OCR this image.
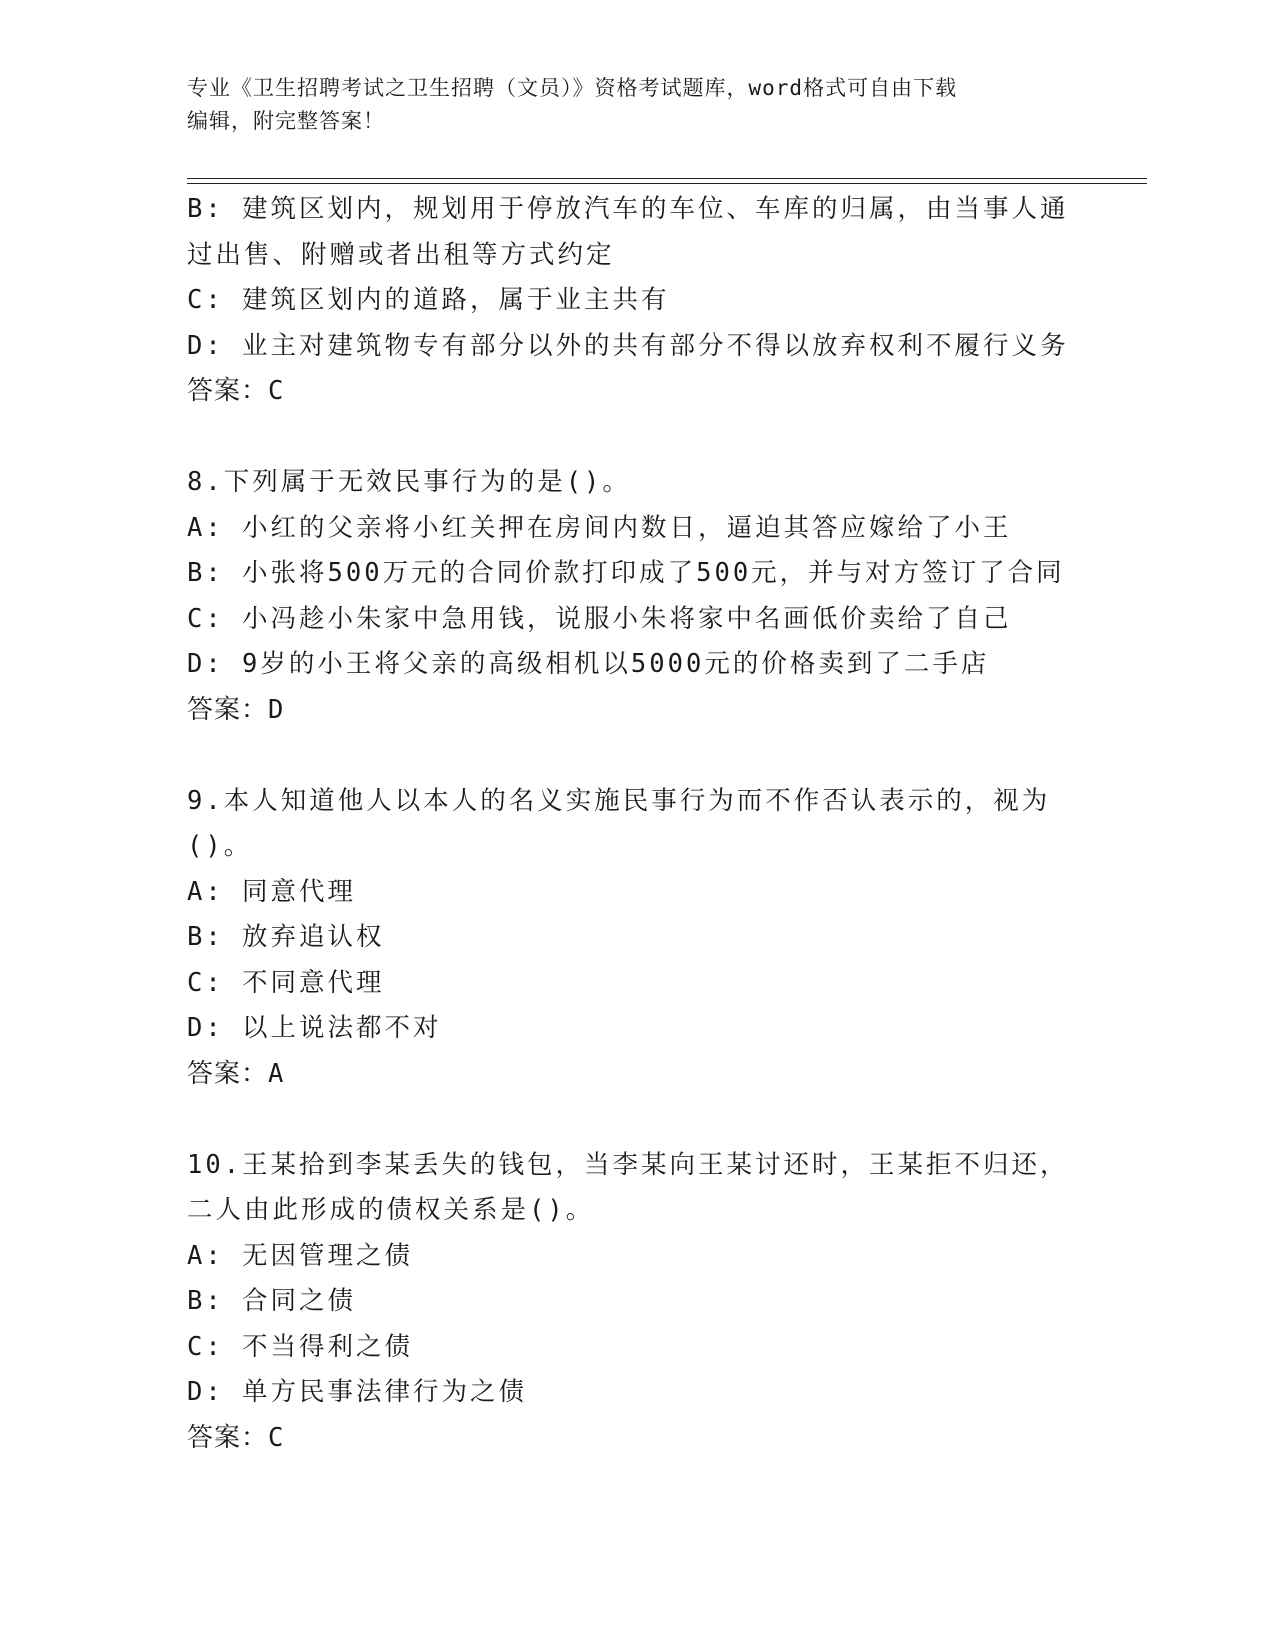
专业《卫生招聘考试之卫生招聘（文员）》资格考试题库，word格式可自由下载
编辑，附完整答案！
B: 建筑区划内，规划用于停放汽车的车位、车库的归属，由当事人通
过出售、附赠或者出租等方式约定
C: 建筑区划内的道路，属于业主共有
D: 业主对建筑物专有部分以外的共有部分不得以放弃权利不履行义务
答案：C
8.下列属于无效民事行为的是()。
A: 小红的父亲将小红关押在房间内数日，逼迫其答应嫁给了小王
B: 小张将500万元的合同价款打印成了500元，并与对方签订了合同
C: 小冯趁小朱家中急用钱，说服小朱将家中名画低价卖给了自己
D: 9岁的小王将父亲的高级相机以5000元的价格卖到了二手店
答案：D
9.本人知道他人以本人的名义实施民事行为而不作否认表示的，视为
()。
A: 同意代理
B: 放弃追认权
C: 不同意代理
D: 以上说法都不对
答案：A
10.王某拾到李某丢失的钱包，当李某向王某讨还时，王某拒不归还，
二人由此形成的债权关系是()。
A: 无因管理之债
B: 合同之债
C: 不当得利之债
D: 单方民事法律行为之债
答案：C
